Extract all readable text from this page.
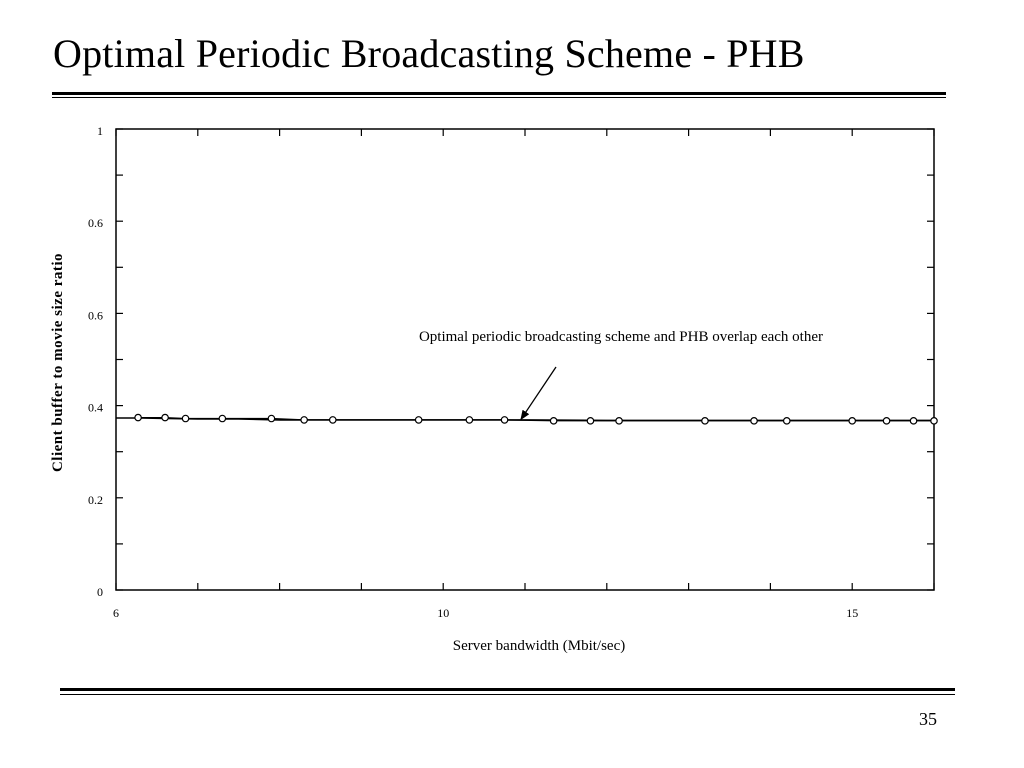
Optimal Periodic Broadcasting Scheme - PHB
6	10	15
0
0.2
0.4
0.6
0.6
1
Server bandwidth (Mbit/sec)
Client buffer to movie size ratio	Optimal periodic broadcasting scheme and PHB overlap each other
35
